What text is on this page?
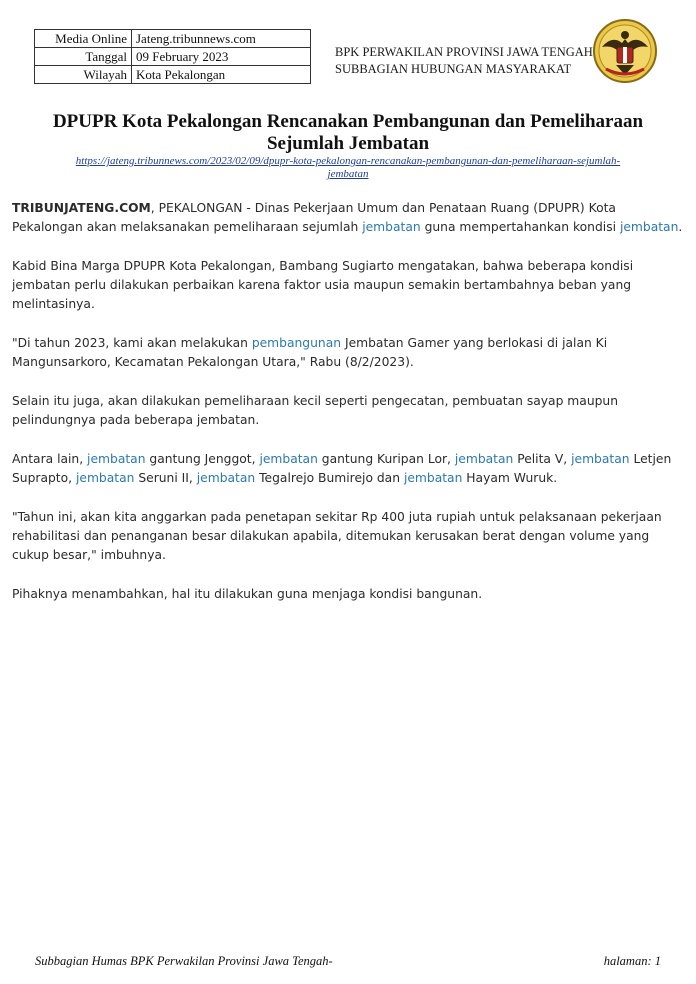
Media Online	Jateng.tribunnews.com
Tanggal	09 February 2023
Wilayah	Kota Pekalongan
BPK PERWAKILAN PROVINSI JAWA TENGAH
SUBBAGIAN HUBUNGAN MASYARAKAT
DPUPR Kota Pekalongan Rencanakan Pembangunan dan Pemeliharaan
Sejumlah Jembatan
https://jateng.tribunnews.com/2023/02/09/dpupr-kota-pekalongan-rencanakan-pembangunan-dan-pemeliharaan-sejumlah-
jembatan

TRIBUNJATENG.COM, PEKALONGAN - Dinas Pekerjaan Umum dan Penataan Ruang (DPUPR) Kota Pekalongan akan melaksanakan pemeliharaan sejumlah jembatan guna mempertahankan kondisi jembatan.

Kabid Bina Marga DPUPR Kota Pekalongan, Bambang Sugiarto mengatakan, bahwa beberapa kondisi jembatan perlu dilakukan perbaikan karena faktor usia maupun semakin bertambahnya beban yang melintasinya.

"Di tahun 2023, kami akan melakukan pembangunan Jembatan Gamer yang berlokasi di jalan Ki Mangunsarkoro, Kecamatan Pekalongan Utara," Rabu (8/2/2023).

Selain itu juga, akan dilakukan pemeliharaan kecil seperti pengecatan, pembuatan sayap maupun pelindungnya pada beberapa jembatan.

Antara lain, jembatan gantung Jenggot, jembatan gantung Kuripan Lor, jembatan Pelita V, jembatan Letjen Suprapto, jembatan Seruni II, jembatan Tegalrejo Bumirejo dan jembatan Hayam Wuruk.

"Tahun ini, akan kita anggarkan pada penetapan sekitar Rp 400 juta rupiah untuk pelaksanaan pekerjaan rehabilitasi dan penanganan besar dilakukan apabila, ditemukan kerusakan berat dengan volume yang cukup besar," imbuhnya.

Pihaknya menambahkan, hal itu dilakukan guna menjaga kondisi bangunan.

Subbagian Humas BPK Perwakilan Provinsi Jawa Tengah-	halaman: 1
